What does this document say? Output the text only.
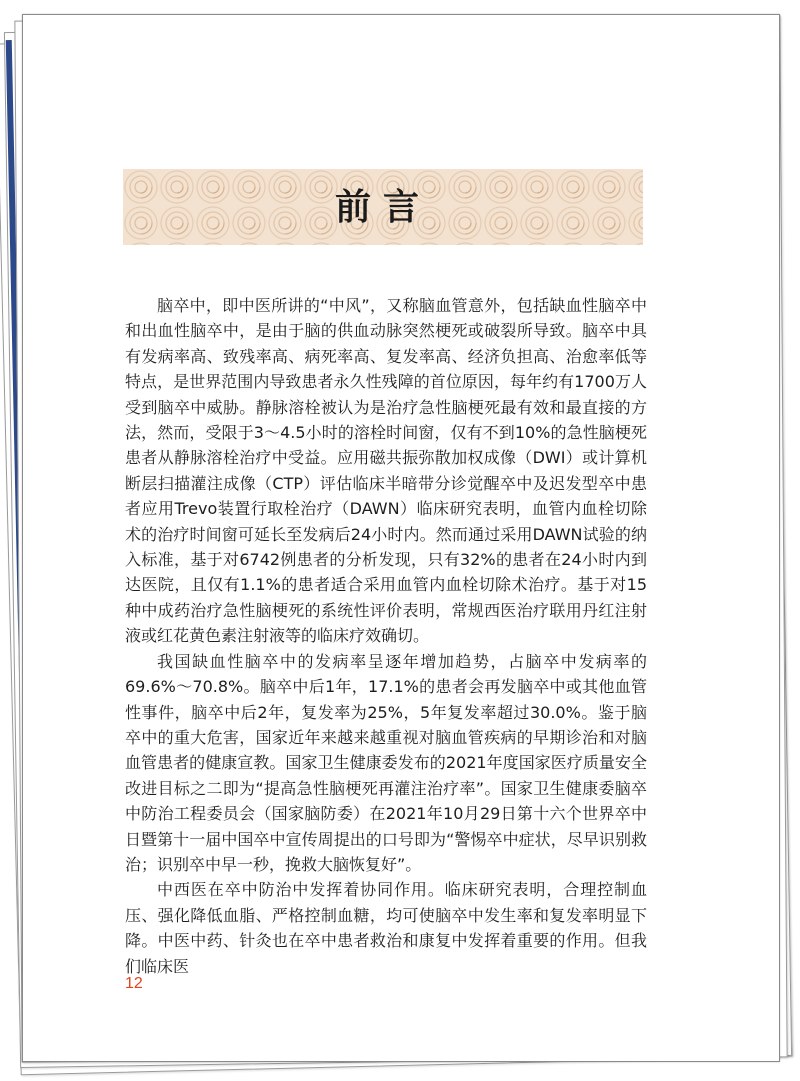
前言

脑卒中，即中医所讲的“中风”，又称脑血管意外，包括缺血性脑卒中和出血性脑卒中，是由于脑的供血动脉突然梗死或破裂所导致。脑卒中具有发病率高、致残率高、病死率高、复发率高、经济负担高、治愈率低等特点，是世界范围内导致患者永久性残障的首位原因，每年约有1700万人受到脑卒中威胁。静脉溶栓被认为是治疗急性脑梗死最有效和最直接的方法，然而，受限于3～4.5小时的溶栓时间窗，仅有不到10%的急性脑梗死患者从静脉溶栓治疗中受益。应用磁共振弥散加权成像（DWI）或计算机断层扫描灌注成像（CTP）评估临床半暗带分诊觉醒卒中及迟发型卒中患者应用Trevo装置行取栓治疗（DAWN）临床研究表明，血管内血栓切除术的治疗时间窗可延长至发病后24小时内。然而通过采用DAWN试验的纳入标准，基于对6742例患者的分析发现，只有32%的患者在24小时内到达医院，且仅有1.1%的患者适合采用血管内血栓切除术治疗。基于对15种中成药治疗急性脑梗死的系统性评价表明，常规西医治疗联用丹红注射液或红花黄色素注射液等的临床疗效确切。

我国缺血性脑卒中的发病率呈逐年增加趋势，占脑卒中发病率的69.6%～70.8%。脑卒中后1年，17.1%的患者会再发脑卒中或其他血管性事件，脑卒中后2年，复发率为25%，5年复发率超过30.0%。鉴于脑卒中的重大危害，国家近年来越来越重视对脑血管疾病的早期诊治和对脑血管患者的健康宣教。国家卫生健康委发布的2021年度国家医疗质量安全改进目标之二即为“提高急性脑梗死再灌注治疗率”。国家卫生健康委脑卒中防治工程委员会（国家脑防委）在2021年10月29日第十六个世界卒中日暨第十一届中国卒中宣传周提出的口号即为“警惕卒中症状，尽早识别救治；识别卒中早一秒，挽救大脑恢复好”。

中西医在卒中防治中发挥着协同作用。临床研究表明，合理控制血压、强化降低血脂、严格控制血糖，均可使脑卒中发生率和复发率明显下降。中医中药、针灸也在卒中患者救治和康复中发挥着重要的作用。但我们临床医

12
